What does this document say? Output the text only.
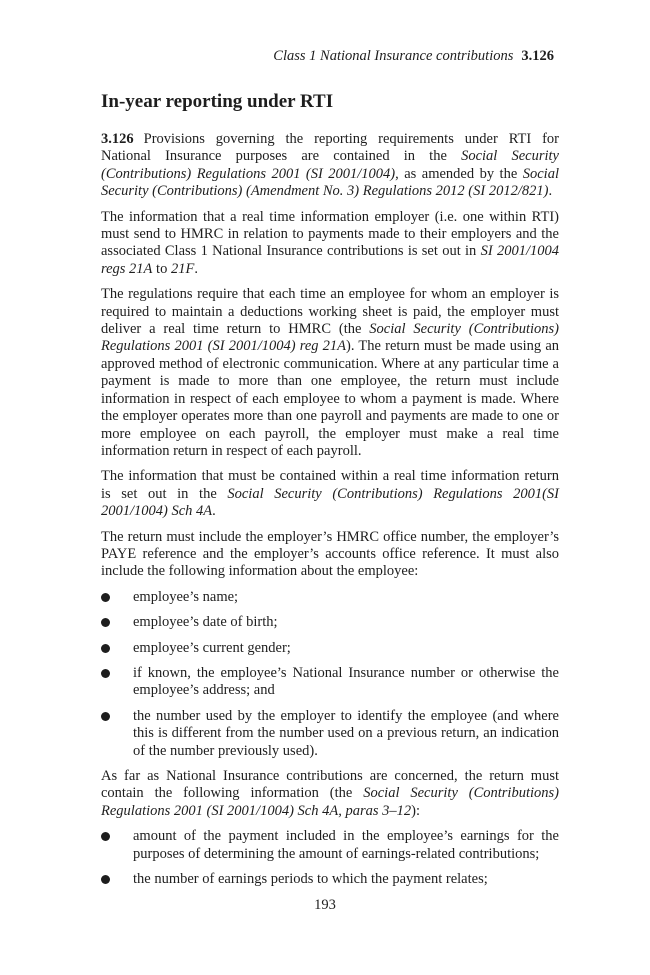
Class 1 National Insurance contributions 3.126
In-year reporting under RTI

3.126 Provisions governing the reporting requirements under RTI for National Insurance purposes are contained in the Social Security (Contributions) Regulations 2001 (SI 2001/1004), as amended by the Social Security (Contributions) (Amendment No. 3) Regulations 2012 (SI 2012/821).

The information that a real time information employer (i.e. one within RTI) must send to HMRC in relation to payments made to their employers and the associated Class 1 National Insurance contributions is set out in SI 2001/1004 regs 21A to 21F.

The regulations require that each time an employee for whom an employer is required to maintain a deductions working sheet is paid, the employer must deliver a real time return to HMRC (the Social Security (Contributions) Regulations 2001 (SI 2001/1004) reg 21A). The return must be made using an approved method of electronic communication. Where at any particular time a payment is made to more than one employee, the return must include information in respect of each employee to whom a payment is made. Where the employer operates more than one payroll and payments are made to one or more employee on each payroll, the employer must make a real time information return in respect of each payroll.

The information that must be contained within a real time information return is set out in the Social Security (Contributions) Regulations 2001(SI 2001/1004) Sch 4A.

The return must include the employer’s HMRC office number, the employer’s PAYE reference and the employer’s accounts office reference. It must also include the following information about the employee:

employee’s name;
employee’s date of birth;
employee’s current gender;
if known, the employee’s National Insurance number or otherwise the employee’s address; and
the number used by the employer to identify the employee (and where this is different from the number used on a previous return, an indication of the number previously used).

As far as National Insurance contributions are concerned, the return must contain the following information (the Social Security (Contributions) Regulations 2001 (SI 2001/1004) Sch 4A, paras 3–12):

amount of the payment included in the employee’s earnings for the purposes of determining the amount of earnings-related contributions;
the number of earnings periods to which the payment relates;
193
